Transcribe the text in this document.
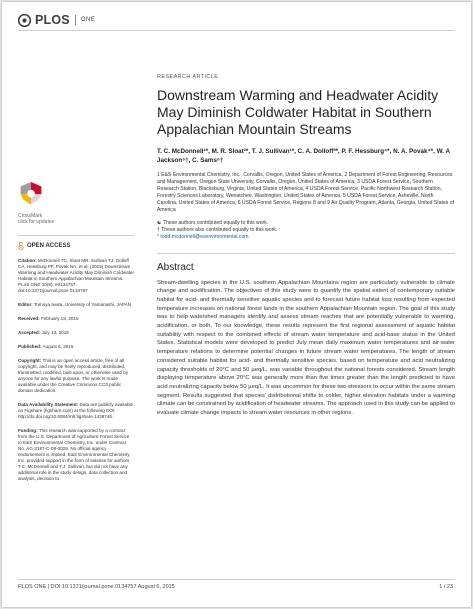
PLOS ONE
CrossMark
click for updates
OPEN ACCESS

Citation: McDonnell TC, Sloat MR, Sullivan TJ, Dolloff CA, Hessburg PF, Povak NA, et al. (2015) Downstream Warming and Headwater Acidity May Diminish Coldwater Habitat in Southern Appalachian Mountain Streams. PLoS ONE 10(8): e0134757. doi:10.1371/journal.pone.0134757

Editor: Tomoya Iwata, University of Yamanashi, JAPAN

Received: February 19, 2015

Accepted: July 13, 2015

Published: August 6, 2015

Copyright: This is an open access article, free of all copyright, and may be freely reproduced, distributed, transmitted, modified, built upon, or otherwise used by anyone for any lawful purpose. The work is made available under the Creative Commons CC0 public domain dedication.

Data Availability Statement: Data are publicly available on Figshare (figshare.com) at the following DOI: http://dx.doi.org/10.6084/m9.figshare.1428746.

Funding: This research was supported by a contract from the U.S. Department of Agriculture Forest Service to E&S Environmental Chemistry, Inc. under Contract No. AG-3187-C-09-0029. No official agency endorsement is implied. E&S Environmental Chemistry, Inc. provided support in the form of salaries for authors T.C. McDonnell and T.J. Sullivan, but did not have any additional role in the study design, data collection and analysis, decision to

RESEARCH ARTICLE
Downstream Warming and Headwater Acidity May Diminish Coldwater Habitat in Southern Appalachian Mountain Streams
T. C. McDonnell¹*, M. R. Sloat²*, T. J. Sullivan¹*, C. A. Dolloff³*, P. F. Hessburg⁴*, N. A. Povak⁴*, W. A Jackson⁵†, C. Sams⁶†
1 E&S Environmental Chemistry, Inc., Corvallis, Oregon, United States of America, 2 Department of Forest Engineering, Resources and Management, Oregon State University, Corvallis, Oregon, United States of America, 3 USDA Forest Service, Southern Research Station, Blacksburg, Virginia, United States of America, 4 USDA Forest Service, Pacific Northwest Research Station, Forestry Sciences Laboratory, Wenatchee, Washington, United States of America, 5 USDA Forest Service, Asheville, North Carolina, United States of America, 6 USDA Forest Service, Regions 8 and 9 Air Quality Program, Atlanta, Georgia, United States of America
☯ These authors contributed equally to this work.
† These authors also contributed equally to this work.
* todd.mcdonnell@esenvironmental.com
Abstract
Stream-dwelling species in the U.S. southern Appalachian Mountains region are particularly vulnerable to climate change and acidification. The objectives of this study were to quantify the spatial extent of contemporary suitable habitat for acid- and thermally sensitive aquatic species and to forecast future habitat loss resulting from expected temperature increases on national forest lands in the southern Appalachian Mountain region. The goal of this study was to help watershed managers identify and assess stream reaches that are potentially vulnerable to warming, acidification, or both. To our knowledge, these results represent the first regional assessment of aquatic habitat suitability with respect to the combined effects of stream water temperature and acid-base status in the United States. Statistical models were developed to predict July mean daily maximum water temperatures and air-water temperature relations to determine potential changes in future stream water temperatures. The length of stream considered suitable habitat for acid- and thermally sensitive species, based on temperature and acid neutralizing capacity thresholds of 20°C and 50 µeq/L, was variable throughout the national forests considered. Stream length displaying temperature above 20°C was generally more than five times greater than the length predicted to have acid neutralizing capacity below 50 µeq/L. It was uncommon for these two stressors to occur within the same stream segment. Results suggested that species' distributional shifts to colder, higher elevation habitats under a warming climate can be constrained by acidification of headwater streams. The approach used in this study can be applied to evaluate climate change impacts to stream water resources in other regions.
PLOS ONE | DOI:10.1371/journal.pone.0134757 August 6, 2015	1 / 23
